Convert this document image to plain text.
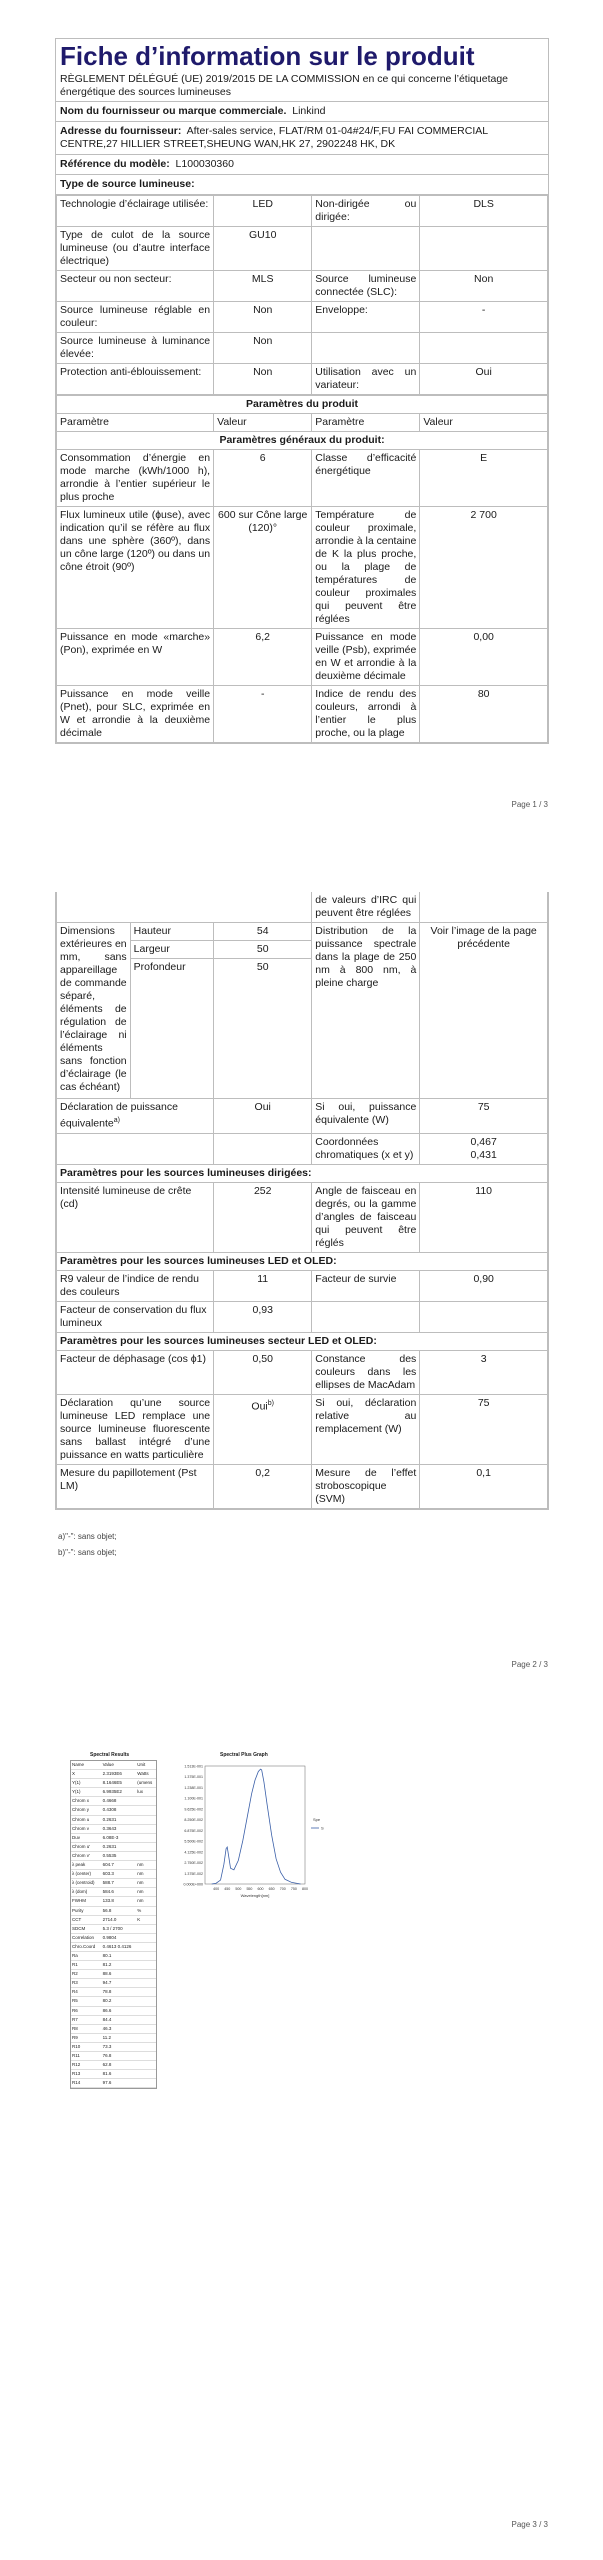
Fiche d’information sur le produit
RÈGLEMENT DÉLÉGUÉ (UE) 2019/2015 DE LA COMMISSION en ce qui concerne l’étiquetage énergétique des sources lumineuses
Nom du fournisseur ou marque commerciale. Linkind
Adresse du fournisseur: After-sales service, FLAT/RM 01-04#24/F,FU FAI COMMERCIAL CENTRE,27 HILLIER STREET,SHEUNG WAN,HK 27, 2902248 HK, DK
Référence du modèle: L100030360
Type de source lumineuse:
Technologie d’éclairage utilisée:	LED	Non-dirigée ou dirigée:	DLS
Type de culot de la source lumineuse (ou d’autre interface électrique)	GU10		
Secteur ou non secteur:	MLS	Source lumineuse connectée (SLC):	Non
Source lumineuse réglable en couleur:	Non	Enveloppe:	-
Source lumineuse à luminance élevée:	Non		
Protection anti-éblouissement:	Non	Utilisation avec un variateur:	Oui
Paramètres du produit			
Paramètre	Valeur	Paramètre	Valeur
Paramètres généraux du produit:			
Consommation d’énergie en mode marche (kWh/1000 h), arrondie à l’entier supérieur le plus proche	6	Classe d’efficacité énergétique	E
Flux lumineux utile (ɸuse), avec indication qu’il se réfère au flux dans une sphère (360º), dans un cône large (120º) ou dans un cône étroit (90º)	600 sur Cône large (120)°	Température de couleur proximale, arrondie à la centaine de K la plus proche, ou la plage de températures de couleur proximales qui peuvent être réglées	2 700
Puissance en mode «marche» (Pon), exprimée en W	6,2	Puissance en mode veille (Psb), exprimée en W et arrondie à la deuxième décimale	0,00
Puissance en mode veille (Pnet), pour SLC, exprimée en W et arrondie à la deuxième décimale	-	Indice de rendu des couleurs, arrondi à l’entier le plus proche, ou la plage	80
Page 1 / 3
			de valeurs d’IRC qui peuvent être réglées	
Dimensions extérieures en mm, sans appareillage de commande séparé, éléments de régulation de l’éclairage ni éléments sans fonction d’éclairage (le cas échéant)	Hauteur	54	Distribution de la puissance spectrale dans la plage de 250 nm à 800 nm, à pleine charge	Voir l’image de la page précédente
	Largeur	50		
	Profondeur	50		
Déclaration de puissance équivalente$^{a)}$		Oui	Si oui, puissance équivalente (W)	75
			Coordonnées chromatiques (x et y)	0,467
0,431

Paramètres pour les sources lumineuses dirigées:				
Intensité lumineuse de crête (cd)		252	Angle de faisceau en degrés, ou la gamme d’angles de faisceau qui peuvent être réglés	110
Paramètres pour les sources lumineuses LED et OLED:				
R9 valeur de l’indice de rendu des couleurs		11	Facteur de survie	0,90
Facteur de conservation du flux lumineux		0,93		
Paramètres pour les sources lumineuses secteur LED et OLED:				
Facteur de déphasage (cos ϕ1)		0,50	Constance des couleurs dans les ellipses de MacAdam	3
Déclaration qu’une source lumineuse LED remplace une source lumineuse fluorescente sans ballast intégré d’une puissance en watts particulière		Oui$^{b)}$	Si oui, déclaration relative au remplacement (W)	75
Mesure du papillotement (Pst LM)		0,2	Mesure de l’effet stroboscopique (SVM)	0,1
a)"-": sans objet;
b)"-": sans objet;
Page 2 / 3
Spectral Results
Name	Value	Unit
X	2.3193E6	Watts
Y(1)	8.1646E5	(umens
Y(1)	6.9935E2	lux
Chrom x	0.4668
Chrom y	0.4308
Chrom u	0.2631
Chrom v	0.3643
Duv	6.08E-3
Chrom u'	0.2631
Chrom v'	0.5535
λ peak	604.7	nm
λ (center)	603.3	nm
λ (centroid)	588.7	nm
λ (dom)	584.6	nm
FWHM	133.8	nm
Purity	56.8	%
CCT	2714.0	K
SDCM	5.3 / 2700
Correlation	0.9804
Chro.Coord	0.4613 0.4126
Ra	80.1
R1	81.2
R2	88.6
R3	94.7
R4	78.8
R5	80.2
R6	86.6
R7	84.4
R8	46.3
R9	11.2
R10	73.3
R11	76.8
R12	62.8
R13	81.6
R14	97.6
Spectral Plus Graph
0.000E+000
1.375E-002
2.750E-002
4.125E-002
5.500E-002
6.875E-002
8.250E-002
9.625E-002
1.100E-001
1.238E-001
1.375E-001
1.513E-001
400 450 500 550 600 650 700 750 800
Wavelength[nm]
Spe
S
Page 3 / 3
